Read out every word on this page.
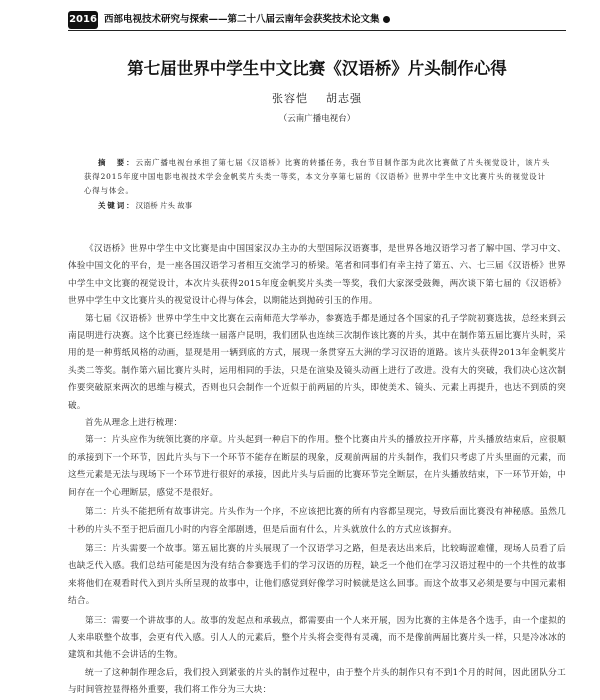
2016 西部电视技术研究与探索——第二十八届云南年会获奖技术论文集
第七届世界中学生中文比赛《汉语桥》片头制作心得
张容恺 胡志强
（云南广播电视台）
摘　要：云南广播电视台承担了第七届《汉语桥》比赛的转播任务，我台节目制作部为此次比赛做了片头视觉设计，该片头获得2015年度中国电影电视技术学会金帆奖片头类一等奖，本文分享第七届的《汉语桥》世界中学生中文比赛片头的视觉设计心得与体会。
关键词：汉语桥 片头 故事

《汉语桥》世界中学生中文比赛是由中国国家汉办主办的大型国际汉语赛事，是世界各地汉语学习者了解中国、学习中文、体验中国文化的平台，是一座各国汉语学习者相互交流学习的桥梁。笔者和同事们有幸主持了第五、六、七三届《汉语桥》世界中学生中文比赛的视觉设计，本次片头获得2015年度金帆奖片头类一等奖，我们大家深受鼓舞，两次谈下第七届的《汉语桥》世界中学生中文比赛片头的视觉设计心得与体会，以期能达到抛砖引玉的作用。

第七届《汉语桥》世界中学生中文比赛在云南师范大学举办，参赛选手都是通过各个国家的孔子学院初赛选拔，总经来到云南昆明进行决赛。这个比赛已经连续一届落户昆明，我们团队也连续三次制作该比赛的片头，其中在制作第五届比赛片头时，采用的是一种剪纸风格的动画，显现是用一辆到底的方式，展现一条贯穿五大洲的学习汉语的道路。该片头获得2013年金帆奖片头类二等奖。制作第六届比赛片头时，运用相同的手法，只是在渲染及镜头动画上进行了改进。没有大的突破，我们决心这次制作要突破原来两次的思维与模式，否则也只会制作一个近似于前两届的片头，即使美术、镜头、元素上再提升，也达不到质的突破。

首先从理念上进行梳理：

第一：片头应作为统领比赛的序章。片头起到一种启下的作用。整个比赛由片头的播放拉开序幕，片头播放结束后，应很顺的承接到下一个环节，因此片头与下一个环节不能存在断层的现象，反观前两届的片头制作，我们只考虑了片头里面的元素，而这些元素是无法与现场下一个环节进行很好的承接，因此片头与后面的比赛环节完全断层，在片头播放结束，下一环节开始，中间存在一个心理断层，感觉不是很好。

第二：片头不能把所有故事讲完。片头作为一个序，不应该把比赛的所有内容都呈现完，导致后面比赛没有神秘感。虽然几十秒的片头不至于把后面几小时的内容全部剧透，但是后面有什么，片头就放什么的方式应该摒弃。

第三：片头需要一个故事。第五届比赛的片头展现了一个汉语学习之路，但是表达出来后，比较晦涩难懂，现场人员看了后也缺乏代入感。我们总结可能是因为没有结合参赛选手们的学习汉语的历程，缺乏一个他们在学习汉语过程中的一个共性的故事来将他们在观看时代入到片头所呈现的故事中，让他们感觉到好像学习时候就是这么回事。而这个故事又必须是要与中国元素相结合。

第三：需要一个讲故事的人。故事的发起点和承载点，都需要由一个人来开展，因为比赛的主体是各个选手，由一个虚拟的人来串联整个故事，会更有代入感。引人人的元素后，整个片头将会变得有灵魂，而不是像前两届比赛片头一样，只是冷冰冰的建筑和其他不会讲话的生物。

统一了这种制作理念后，我们投入到紧张的片头的制作过程中，由于整个片头的制作只有不到1个月的时间，因此团队分工与时间管控显得格外重要，我们将工作分为三大块：
